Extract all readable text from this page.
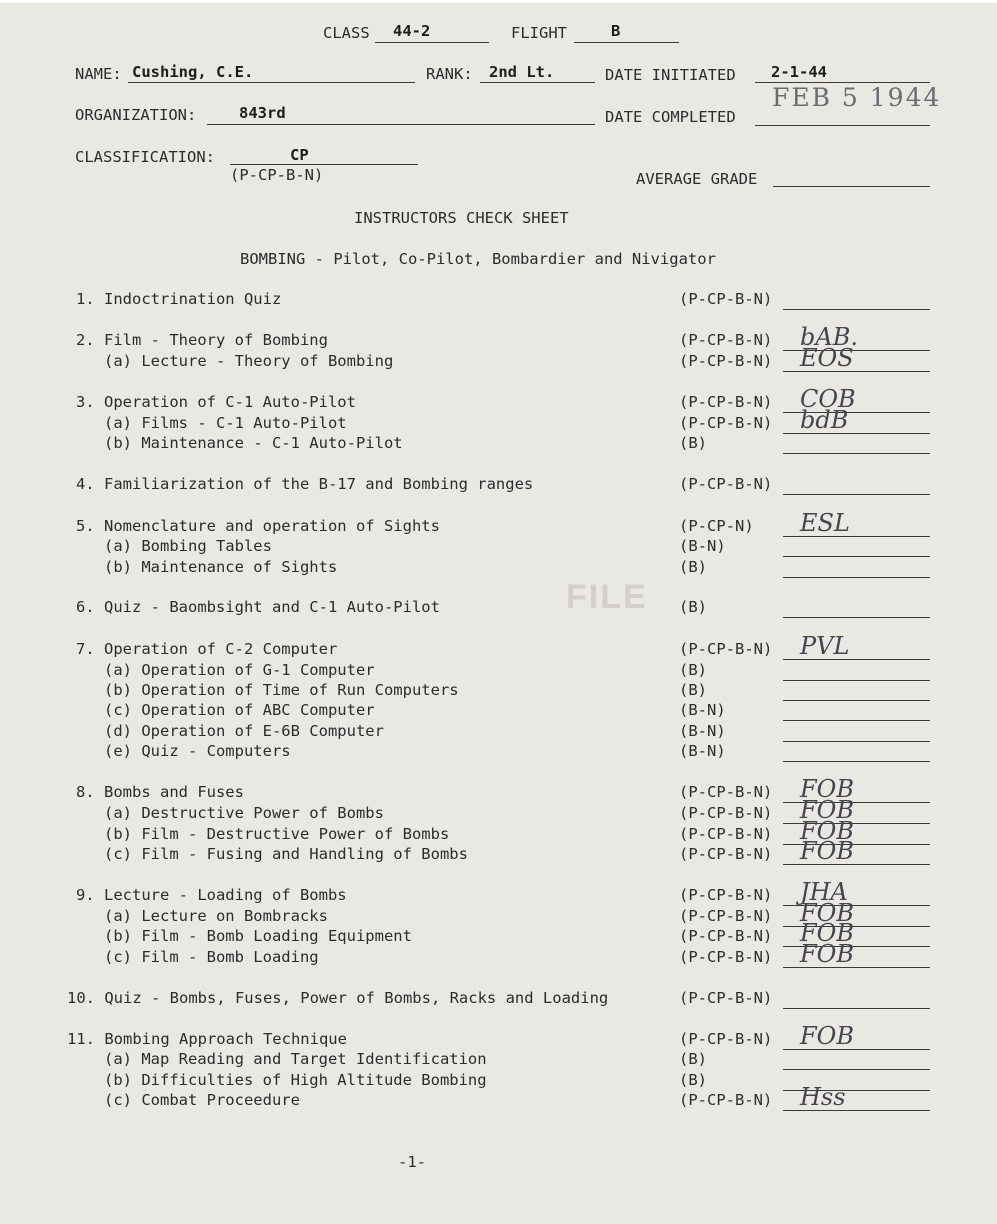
CLASS 44-2	FLIGHT	B
NAME: Cushing, C.E.	RANK: 2nd Lt.	DATE INITIATED 2-1-44
ORGANIZATION:	843rd	DATE COMPLETED
FEB 5 1944
CLASSIFICATION:	CP
(P-CP-B-N)	AVERAGE GRADE
INSTRUCTORS CHECK SHEET
BOMBING - Pilot, Co-Pilot, Bombardier and Nivigator
FILE
1. Indoctrination Quiz	(P-CP-B-N)
2. Film - Theory of Bombing	(P-CP-B-N) bAB.
(a) Lecture - Theory of Bombing	(P-CP-B-N) EOS
3. Operation of C-1 Auto-Pilot	(P-CP-B-N) COB
(a) Films - C-1 Auto-Pilot	(P-CP-B-N) bdB
(b) Maintenance - C-1 Auto-Pilot	(B)
4. Familiarization of the B-17 and Bombing ranges	(P-CP-B-N)
5. Nomenclature and operation of Sights	(P-CP-N) ESL
(a) Bombing Tables	(B-N)
(b) Maintenance of Sights	(B)
6. Quiz - Baombsight and C-1 Auto-Pilot	(B)
7. Operation of C-2 Computer	(P-CP-B-N) PVL
(a) Operation of G-1 Computer	(B)
(b) Operation of Time of Run Computers	(B)
(c) Operation of ABC Computer	(B-N)
(d) Operation of E-6B Computer	(B-N)
(e) Quiz - Computers	(B-N)
8. Bombs and Fuses	(P-CP-B-N) FOB
(a) Destructive Power of Bombs	(P-CP-B-N) FOB
(b) Film - Destructive Power of Bombs	(P-CP-B-N) FOB
(c) Film - Fusing and Handling of Bombs	(P-CP-B-N) FOB
9. Lecture - Loading of Bombs	(P-CP-B-N) JHA
(a) Lecture on Bombracks	(P-CP-B-N) FOB
(b) Film - Bomb Loading Equipment	(P-CP-B-N) FOB
(c) Film - Bomb Loading	(P-CP-B-N) FOB
10. Quiz - Bombs, Fuses, Power of Bombs, Racks and Loading	(P-CP-B-N)
11. Bombing Approach Technique	(P-CP-B-N) FOB
(a) Map Reading and Target Identification	(B)
(b) Difficulties of High Altitude Bombing	(B)
(c) Combat Proceedure	(P-CP-B-N) Hss
-1-
